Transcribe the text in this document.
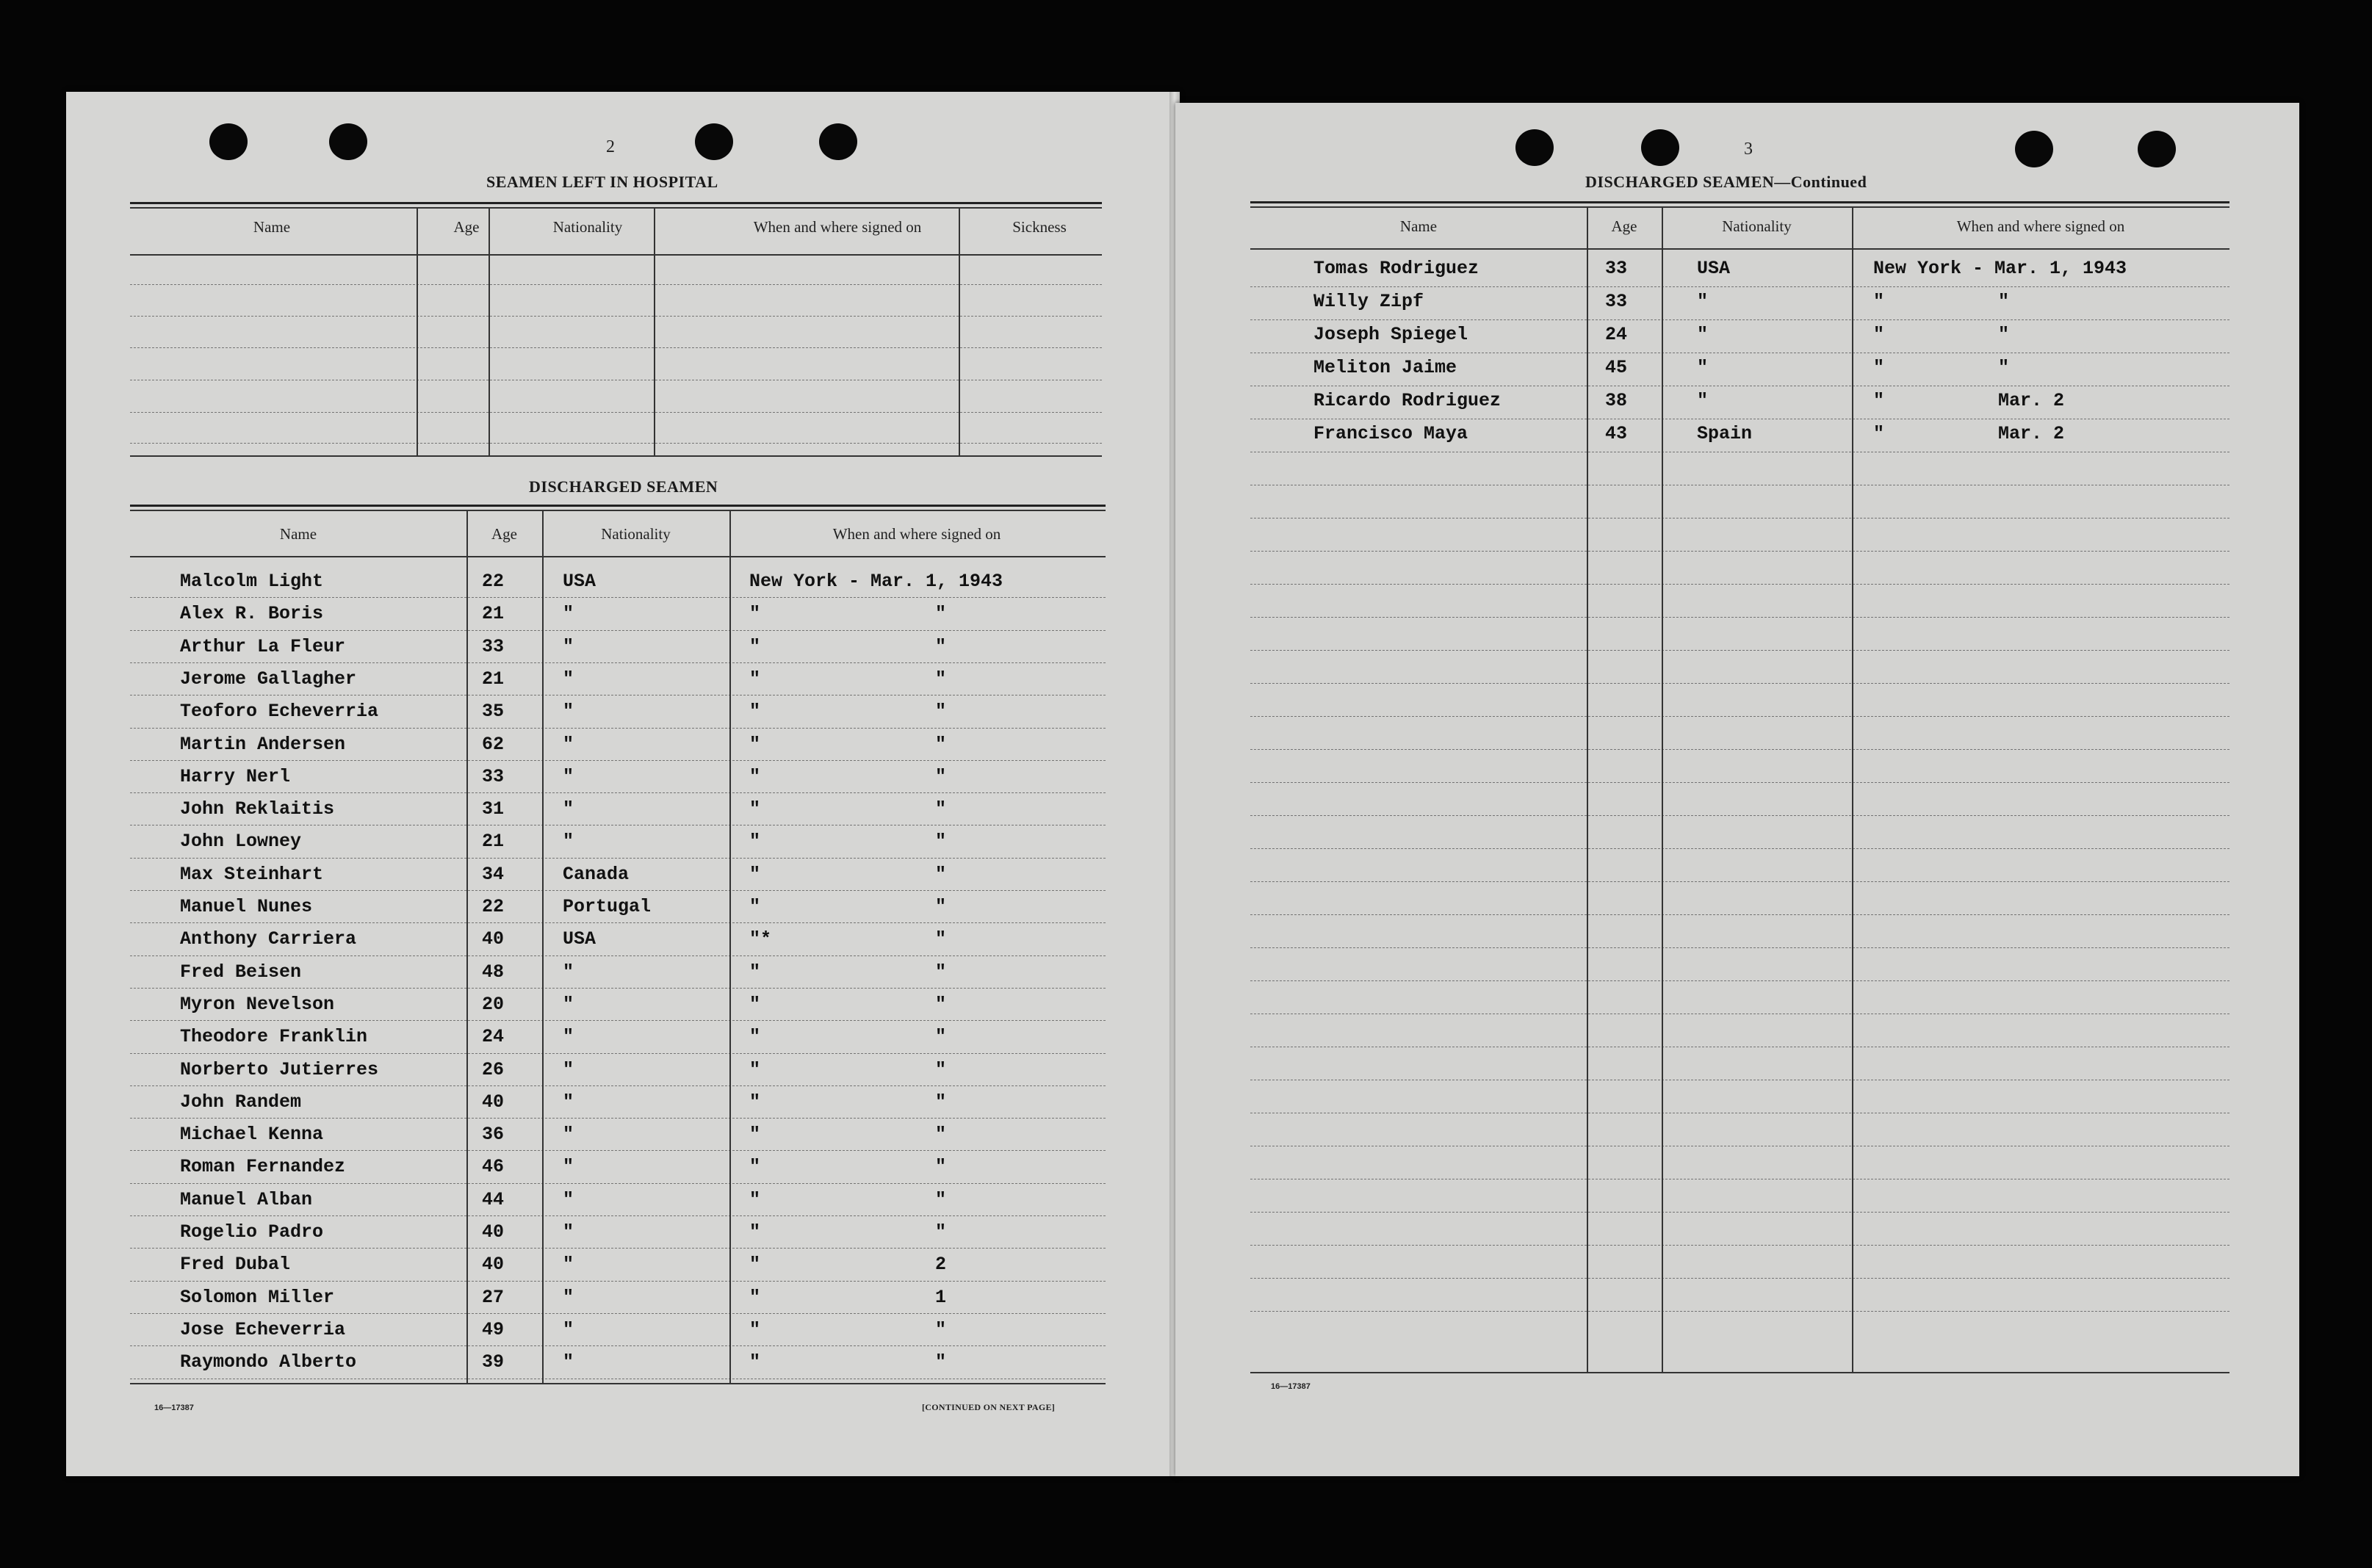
2
SEAMEN LEFT IN HOSPITAL
Name	Age	Nationality	When and where signed on	Sickness
DISCHARGED SEAMEN
Name	Age	Nationality	When and where signed on
Malcolm Light	22	USA	New York - Mar. 1, 1943
Alex R. Boris	21	"	"	"
Arthur La Fleur	33	"	"	"
Jerome Gallagher	21	"	"	"
Teoforo Echeverria	35	"	"	"
Martin Andersen	62	"	"	"
Harry Nerl	33	"	"	"
John Reklaitis	31	"	"	"
John Lowney	21	"	"	"
Max Steinhart	34	Canada	"	"
Manuel Nunes	22	Portugal	"	"
Anthony Carriera	40	USA	"*	"
Fred Beisen	48	"	"	"
Myron Nevelson	20	"	"	"
Theodore Franklin	24	"	"	"
Norberto Jutierres	26	"	"	"
John Randem	40	"	"	"
Michael Kenna	36	"	"	"
Roman Fernandez	46	"	"	"
Manuel Alban	44	"	"	"
Rogelio Padro	40	"	"	"
Fred Dubal	40	"	"	2
Solomon Miller	27	"	"	1
Jose Echeverria	49	"	"	"
Raymondo Alberto	39	"	"	"
16—17387	[CONTINUED ON NEXT PAGE]
3
DISCHARGED SEAMEN—Continued
Name	Age	Nationality	When and where signed on
Tomas Rodriguez	33	USA	New York - Mar. 1, 1943
Willy Zipf	33	"	"	"
Joseph Spiegel	24	"	"	"
Meliton Jaime	45	"	"	"
Ricardo Rodriguez	38	"	"	Mar. 2
Francisco Maya	43	Spain	"	Mar. 2
16—17387
